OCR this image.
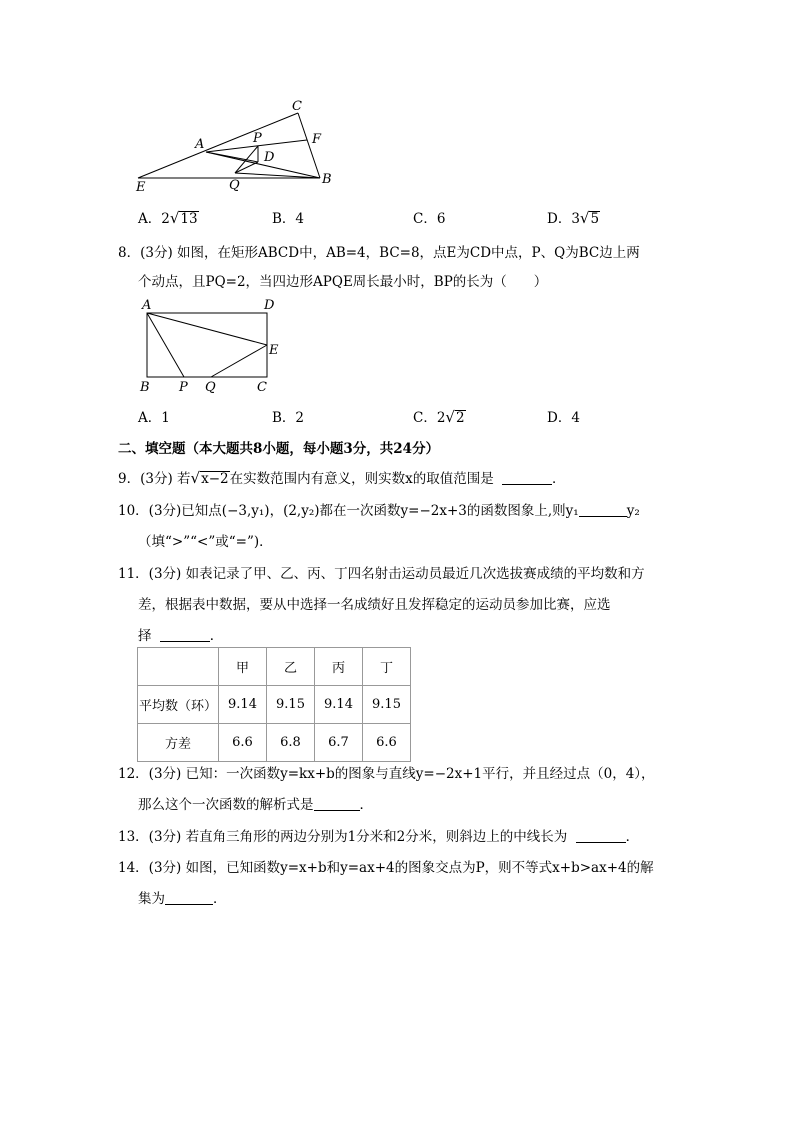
C
A	P	F
D
E	Q	B
A．2√13	B．4	C．6	D．3√5
8．(3分) 如图，在矩形ABCD中，AB=4，BC=8，点E为CD中点，P、Q为BC边上两
个动点，且PQ=2，当四边形APQE周长最小时，BP的长为（　　）
A	D
E
B P Q	C
A．1	B．2	C．2√2	D．4
二、填空题（本大题共8小题，每小题3分，共24分）
9．(3分) 若√x−2在实数范围内有意义，则实数x的取值范围是	．
10．(3分)已知点(−3,y₁)，(2,y₂)都在一次函数y=−2x+3的函数图象上,则y₁	y₂
（填“>”“<”或“=”)．
11．(3分) 如表记录了甲、乙、丙、丁四名射击运动员最近几次选拔赛成绩的平均数和方
差，根据表中数据，要从中选择一名成绩好且发挥稳定的运动员参加比赛，应选
择	．
	甲	乙	丙	丁
平均数（环）	9.14	9.15	9.14	9.15
方差	6.6	6.8	6.7	6.6
12．(3分) 已知：一次函数y=kx+b的图象与直线y=−2x+1平行，并且经过点（0，4），
那么这个一次函数的解析式是	．
13．(3分) 若直角三角形的两边分别为1分米和2分米，则斜边上的中线长为	．
14．(3分) 如图，已知函数y=x+b和y=ax+4的图象交点为P，则不等式x+b>ax+4的解
集为	．
